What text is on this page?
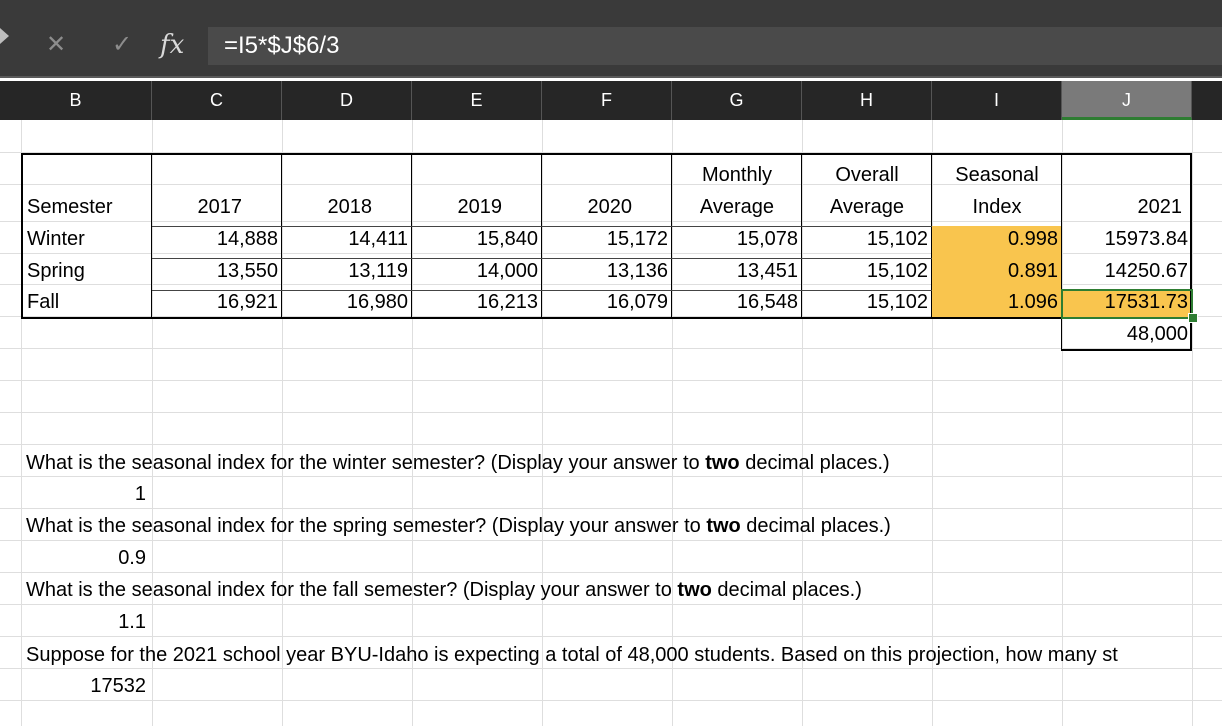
✕ ✓ fx
=I5*$J$6/3
B	C	D	E	F	G	H	I	J
Monthly	Overall	Seasonal
Semester	2017	2018	2019	2020	Average	Average	Index	2021
Winter	14,888	14,411	15,840	15,172	15,078	15,102	0.998	15973.84
Spring	13,550	13,119	14,000	13,136	13,451	15,102	0.891	14250.67
Fall	16,921	16,980	16,213	16,079	16,548	15,102	1.096	17531.73
48,000
What is the seasonal index for the winter semester? (Display your answer to two decimal places.)
1
What is the seasonal index for the spring semester? (Display your answer to two decimal places.)
0.9
What is the seasonal index for the fall semester? (Display your answer to two decimal places.)
1.1
Suppose for the 2021 school year BYU-Idaho is expecting a total of 48,000 students. Based on this projection, how many st
17532
